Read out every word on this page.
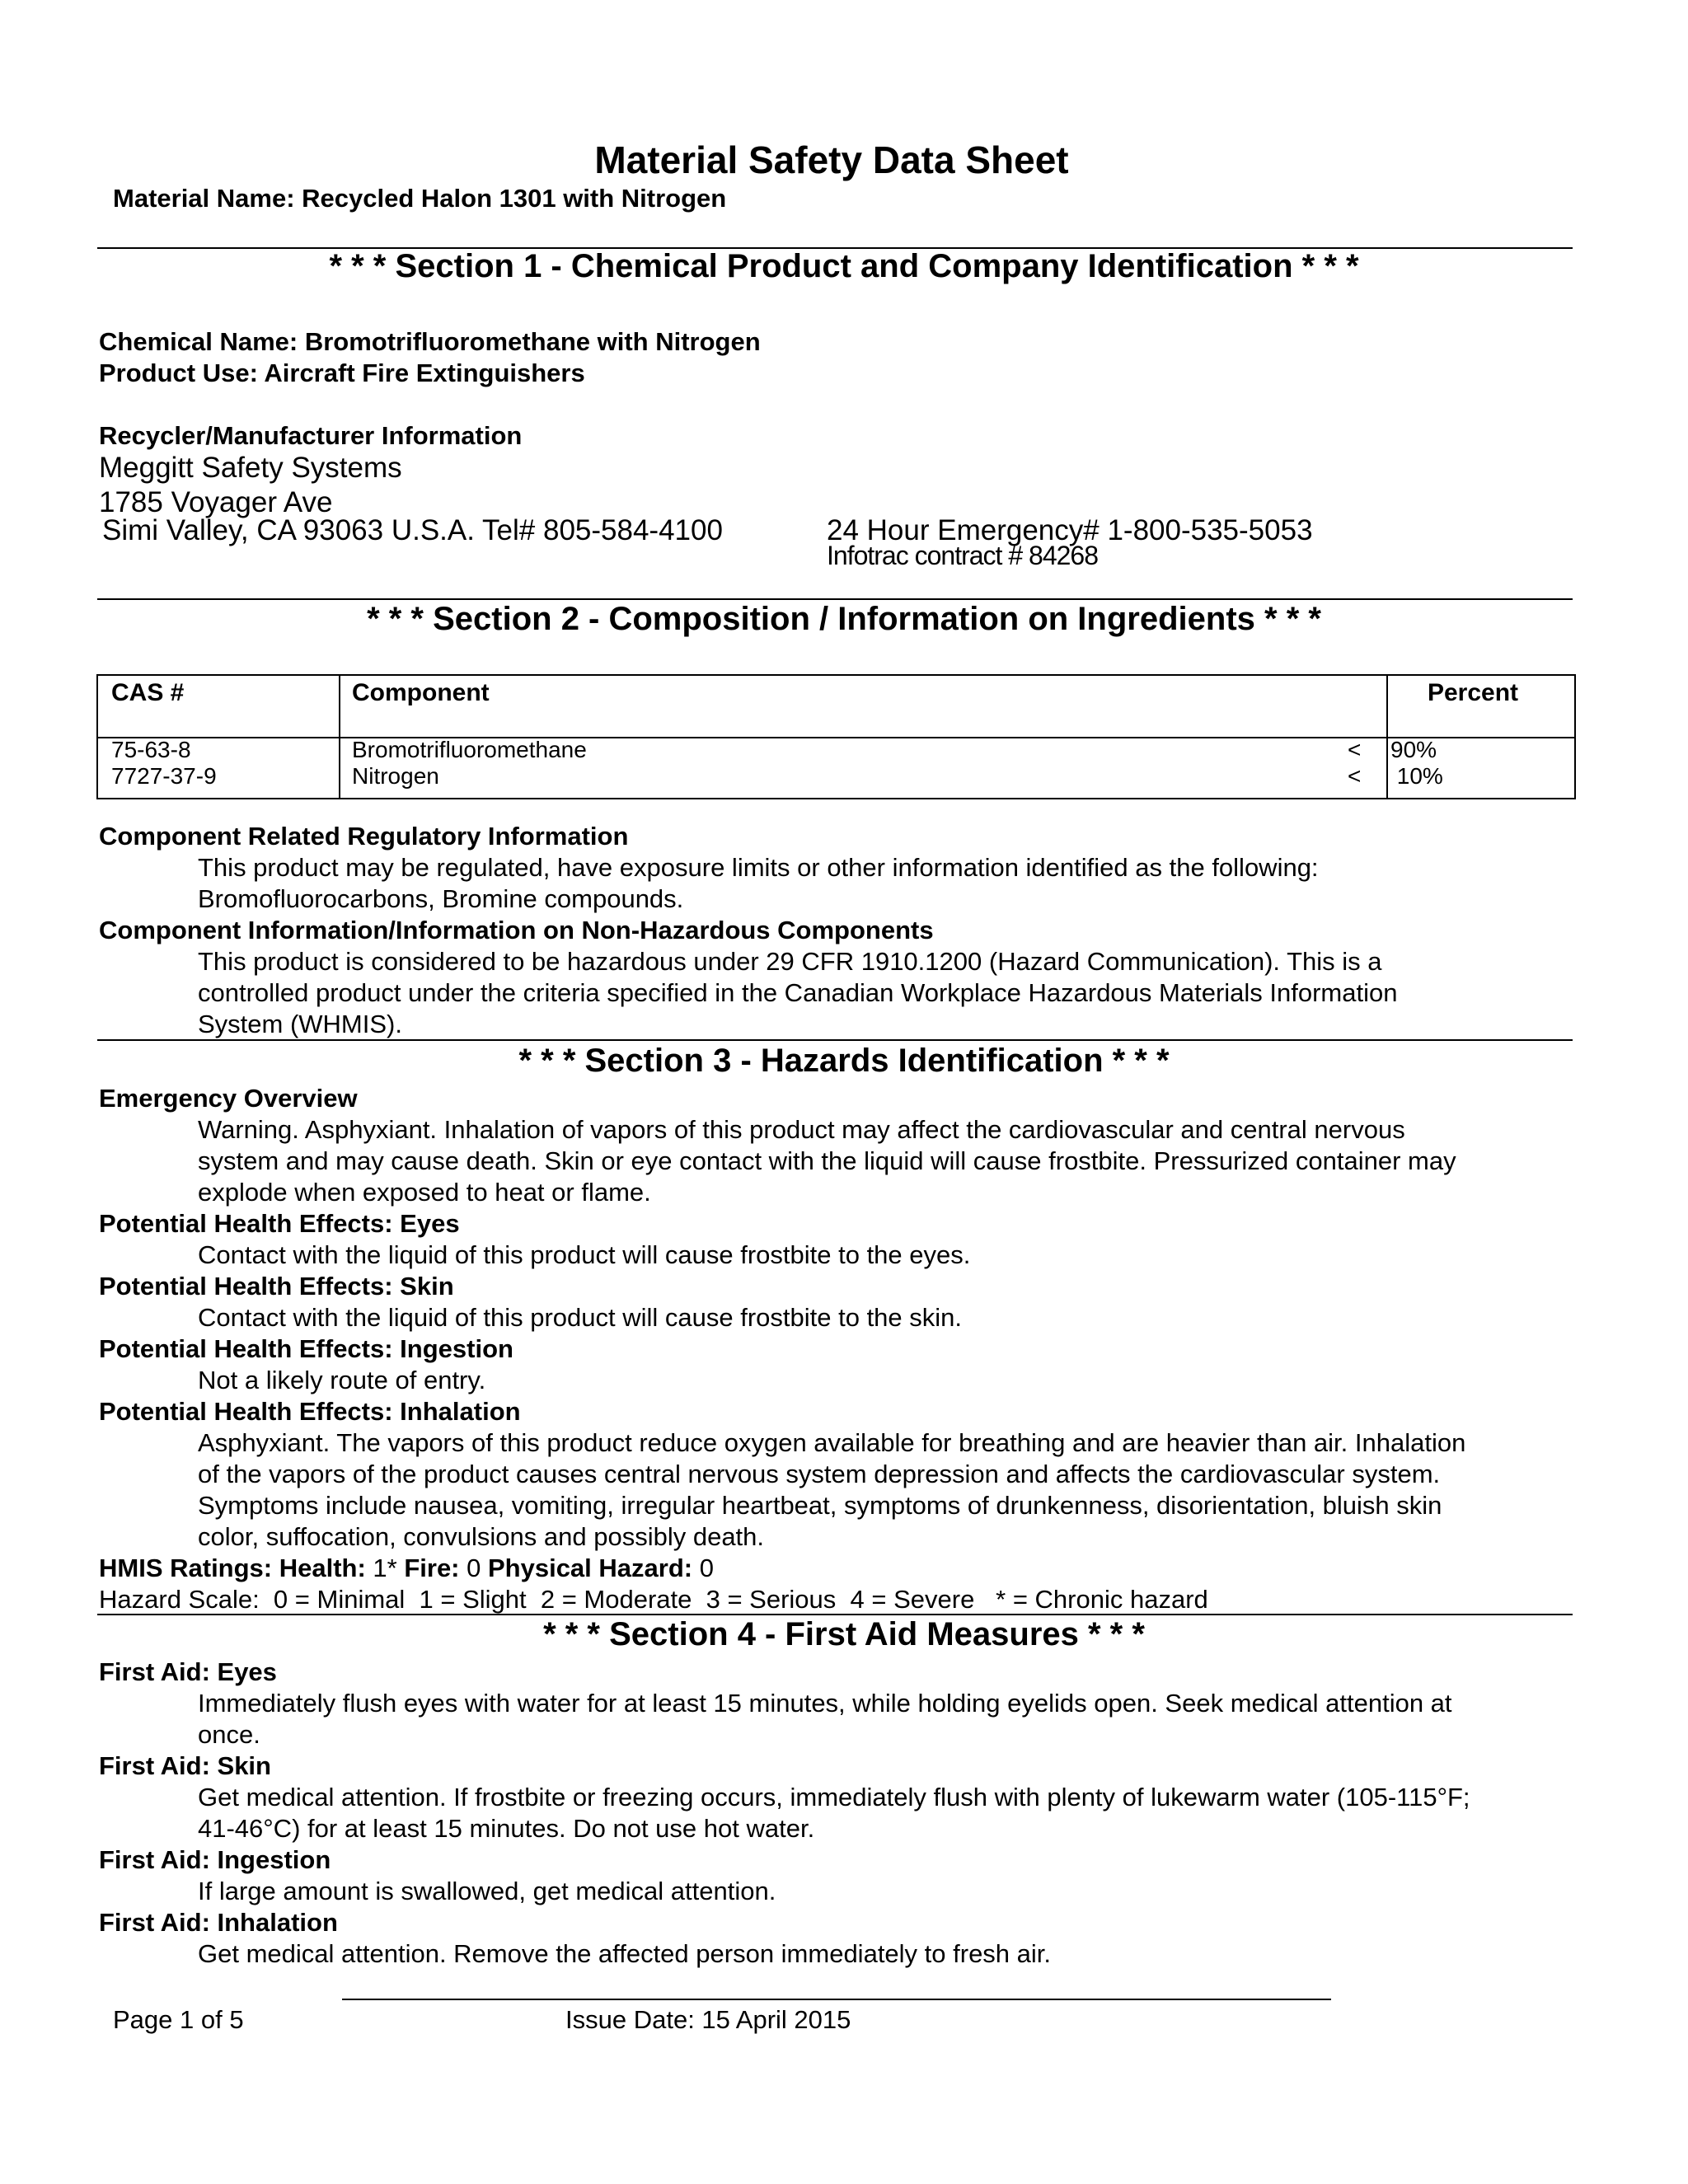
Material Safety Data Sheet
Material Name: Recycled Halon 1301 with Nitrogen
* * * Section 1 - Chemical Product and Company Identification * * *
Chemical Name: Bromotrifluoromethane with Nitrogen
Product Use: Aircraft Fire Extinguishers
Recycler/Manufacturer Information
Meggitt Safety Systems
1785 Voyager Ave
Simi Valley, CA 93063 U.S.A. Tel# 805-584-4100	24 Hour Emergency# 1-800-535-5053
Infotrac contract # 84268
* * * Section 2 - Composition / Information on Ingredients * * *
CAS #	Component	Percent
75-63-8	Bromotrifluoromethane	< 90%
7727-37-9	Nitrogen	< 10%
Component Related Regulatory Information
This product may be regulated, have exposure limits or other information identified as the following:
Bromofluorocarbons, Bromine compounds.
Component Information/Information on Non-Hazardous Components
This product is considered to be hazardous under 29 CFR 1910.1200 (Hazard Communication). This is a
controlled product under the criteria specified in the Canadian Workplace Hazardous Materials Information
System (WHMIS).
* * * Section 3 - Hazards Identification * * *
Emergency Overview
Warning. Asphyxiant. Inhalation of vapors of this product may affect the cardiovascular and central nervous
system and may cause death. Skin or eye contact with the liquid will cause frostbite. Pressurized container may
explode when exposed to heat or flame.
Potential Health Effects: Eyes
Contact with the liquid of this product will cause frostbite to the eyes.
Potential Health Effects: Skin
Contact with the liquid of this product will cause frostbite to the skin.
Potential Health Effects: Ingestion
Not a likely route of entry.
Potential Health Effects: Inhalation
Asphyxiant. The vapors of this product reduce oxygen available for breathing and are heavier than air. Inhalation
of the vapors of the product causes central nervous system depression and affects the cardiovascular system.
Symptoms include nausea, vomiting, irregular heartbeat, symptoms of drunkenness, disorientation, bluish skin
color, suffocation, convulsions and possibly death.
HMIS Ratings: Health: 1* Fire: 0 Physical Hazard: 0
Hazard Scale:  0 = Minimal  1 = Slight  2 = Moderate  3 = Serious  4 = Severe   * = Chronic hazard
* * * Section 4 - First Aid Measures * * *
First Aid: Eyes
Immediately flush eyes with water for at least 15 minutes, while holding eyelids open. Seek medical attention at
once.
First Aid: Skin
Get medical attention. If frostbite or freezing occurs, immediately flush with plenty of lukewarm water (105-115°F;
41-46°C) for at least 15 minutes. Do not use hot water.
First Aid: Ingestion
If large amount is swallowed, get medical attention.
First Aid: Inhalation
Get medical attention. Remove the affected person immediately to fresh air.
Page 1 of 5	Issue Date: 15 April 2015
